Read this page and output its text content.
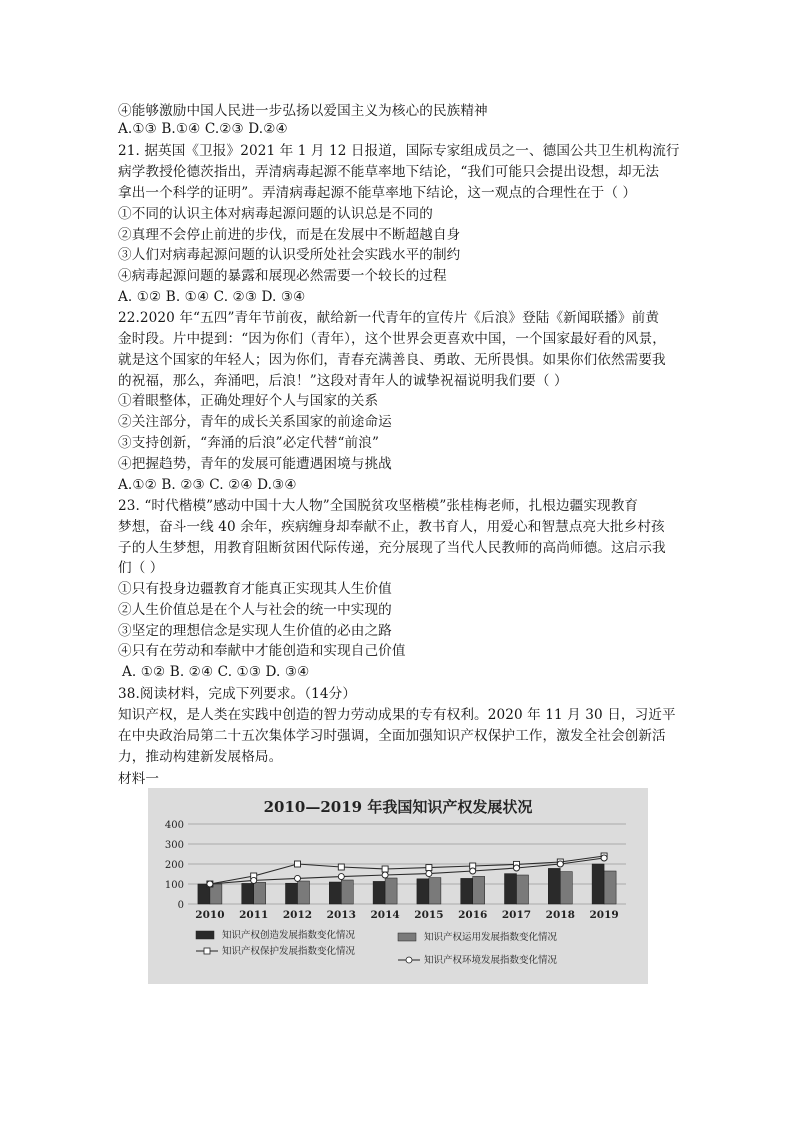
④能够激励中国人民进一步弘扬以爱国主义为核心的民族精神
A.①③ B.①④ C.②③ D.②④
21. 据英国《卫报》2021 年 1 月 12 日报道，国际专家组成员之一、德国公共卫生机构流行
病学教授伦德茨指出，弄清病毒起源不能草率地下结论，“我们可能只会提出设想，却无法
拿出一个科学的证明”。弄清病毒起源不能草率地下结论，这一观点的合理性在于（ ）
①不同的认识主体对病毒起源问题的认识总是不同的
②真理不会停止前进的步伐，而是在发展中不断超越自身
③人们对病毒起源问题的认识受所处社会实践水平的制约
④病毒起源问题的暴露和展现必然需要一个较长的过程
A. ①② B. ①④ C. ②③ D. ③④
22.2020 年“五四”青年节前夜，献给新一代青年的宣传片《后浪》登陆《新闻联播》前黄
金时段。片中提到：“因为你们（青年），这个世界会更喜欢中国，一个国家最好看的风景，
就是这个国家的年轻人；因为你们，青春充满善良、勇敢、无所畏惧。如果你们依然需要我
的祝福，那么，奔涌吧，后浪！”这段对青年人的诚挚祝福说明我们要（ ）
①着眼整体，正确处理好个人与国家的关系
②关注部分，青年的成长关系国家的前途命运
③支持创新，“奔涌的后浪”必定代替“前浪”
④把握趋势，青年的发展可能遭遇困境与挑战
A.①② B. ②③ C. ②④ D.③④
23. “时代楷模”感动中国十大人物”全国脱贫攻坚楷模”张桂梅老师，扎根边疆实现教育
梦想，奋斗一线 40 余年，疾病缠身却奉献不止，教书育人，用爱心和智慧点亮大批乡村孩
子的人生梦想，用教育阻断贫困代际传递，充分展现了当代人民教师的高尚师德。这启示我
们（ ）
①只有投身边疆教育才能真正实现其人生价值
②人生价值总是在个人与社会的统一中实现的
③坚定的理想信念是实现人生价值的必由之路
④只有在劳动和奉献中才能创造和实现自己价值
A. ①② B. ②④ C. ①③ D. ③④
38.阅读材料，完成下列要求。（14分）
知识产权，是人类在实践中创造的智力劳动成果的专有权利。2020 年 11 月 30 日，习近平
在中央政治局第二十五次集体学习时强调，全面加强知识产权保护工作，激发全社会创新活
力，推动构建新发展格局。
材料一
2010—2019 年我国知识产权发展状况
400
300
200
100
0
2010 2011 2012 2013 2014 2015 2016 2017 2018 2019
知识产权创造发展指数变化情况	知识产权运用发展指数变化情况
知识产权保护发展指数变化情况
知识产权环境发展指数变化情况
